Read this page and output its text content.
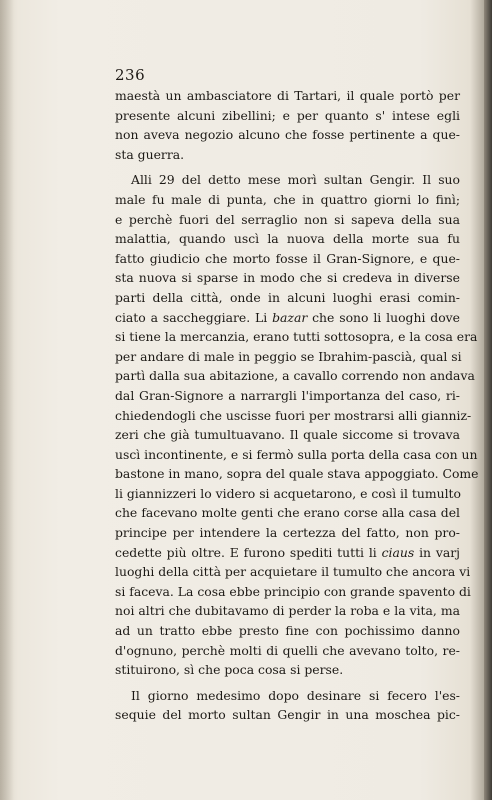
236
maestà un ambasciatore di Tartari, il quale portò per
presente alcuni zibellini; e per quanto s' intese egli
non aveva negozio alcuno che fosse pertinente a que-
sta guerra.
Alli 29 del detto mese morì sultan Gengir. Il suo
male fu male di punta, che in quattro giorni lo finì;
e perchè fuori del serraglio non si sapeva della sua
malattia, quando uscì la nuova della morte sua fu
fatto giudicio che morto fosse il Gran-Signore, e que-
sta nuova si sparse in modo che si credeva in diverse
parti della città, onde in alcuni luoghi erasi comin-
ciato a saccheggiare. Li bazar che sono li luoghi dove
si tiene la mercanzia, erano tutti sottosopra, e la cosa era
per andare di male in peggio se Ibrahim-pascià, qual si
partì dalla sua abitazione, a cavallo correndo non andava
dal Gran-Signore a narrargli l'importanza del caso, ri-
chiedendogli che uscisse fuori per mostrarsi alli gianniz-
zeri che già tumultuavano. Il quale siccome si trovava
uscì incontinente, e si fermò sulla porta della casa con un
bastone in mano, sopra del quale stava appoggiato. Come
li giannizzeri lo videro si acquetarono, e così il tumulto
che facevano molte genti che erano corse alla casa del
principe per intendere la certezza del fatto, non pro-
cedette più oltre. E furono spediti tutti li ciaus in varj
luoghi della città per acquietare il tumulto che ancora vi
si faceva. La cosa ebbe principio con grande spavento di
noi altri che dubitavamo di perder la roba e la vita, ma
ad un tratto ebbe presto fine con pochissimo danno
d'ognuno, perchè molti di quelli che avevano tolto, re-
stituirono, sì che poca cosa si perse.
Il giorno medesimo dopo desinare si fecero l'es-
sequie del morto sultan Gengir in una moschea pic-
